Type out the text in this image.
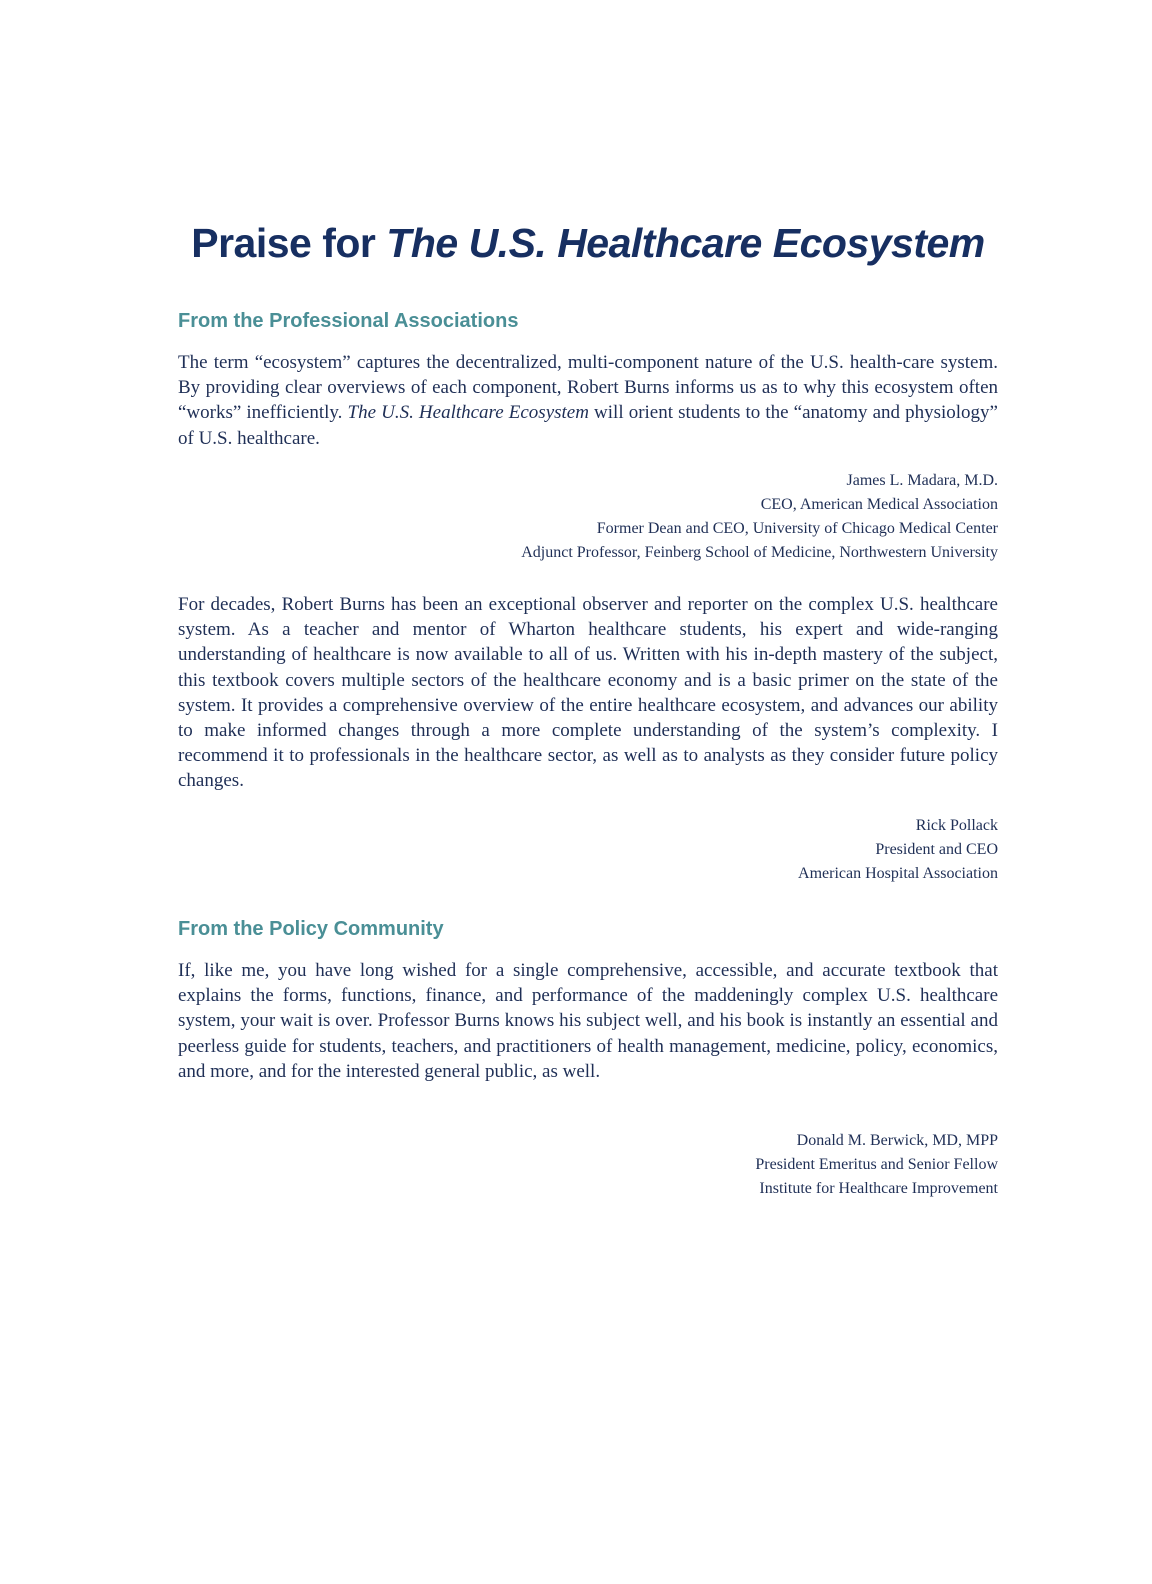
Praise for The U.S. Healthcare Ecosystem
From the Professional Associations

The term “ecosystem” captures the decentralized, multi-component nature of the U.S. health-care system. By providing clear overviews of each component, Robert Burns informs us as to why this ecosystem often “works” inefficiently. The U.S. Healthcare Ecosystem will orient students to the “anatomy and physiology” of U.S. healthcare.

James L. Madara, M.D.
CEO, American Medical Association
Former Dean and CEO, University of Chicago Medical Center
Adjunct Professor, Feinberg School of Medicine, Northwestern University

For decades, Robert Burns has been an exceptional observer and reporter on the complex U.S. healthcare system. As a teacher and mentor of Wharton healthcare students, his expert and wide-ranging understanding of healthcare is now available to all of us. Written with his in-depth mastery of the subject, this textbook covers multiple sectors of the healthcare economy and is a basic primer on the state of the system. It provides a comprehensive overview of the entire healthcare ecosystem, and advances our ability to make informed changes through a more complete understanding of the system’s complexity. I recommend it to professionals in the healthcare sector, as well as to analysts as they consider future policy changes.

Rick Pollack
President and CEO
American Hospital Association
From the Policy Community

If, like me, you have long wished for a single comprehensive, accessible, and accurate textbook that explains the forms, functions, finance, and performance of the maddeningly complex U.S. healthcare system, your wait is over. Professor Burns knows his subject well, and his book is instantly an essential and peerless guide for students, teachers, and practitioners of health management, medicine, policy, economics, and more, and for the interested general public, as well.

Donald M. Berwick, MD, MPP
President Emeritus and Senior Fellow
Institute for Healthcare Improvement
